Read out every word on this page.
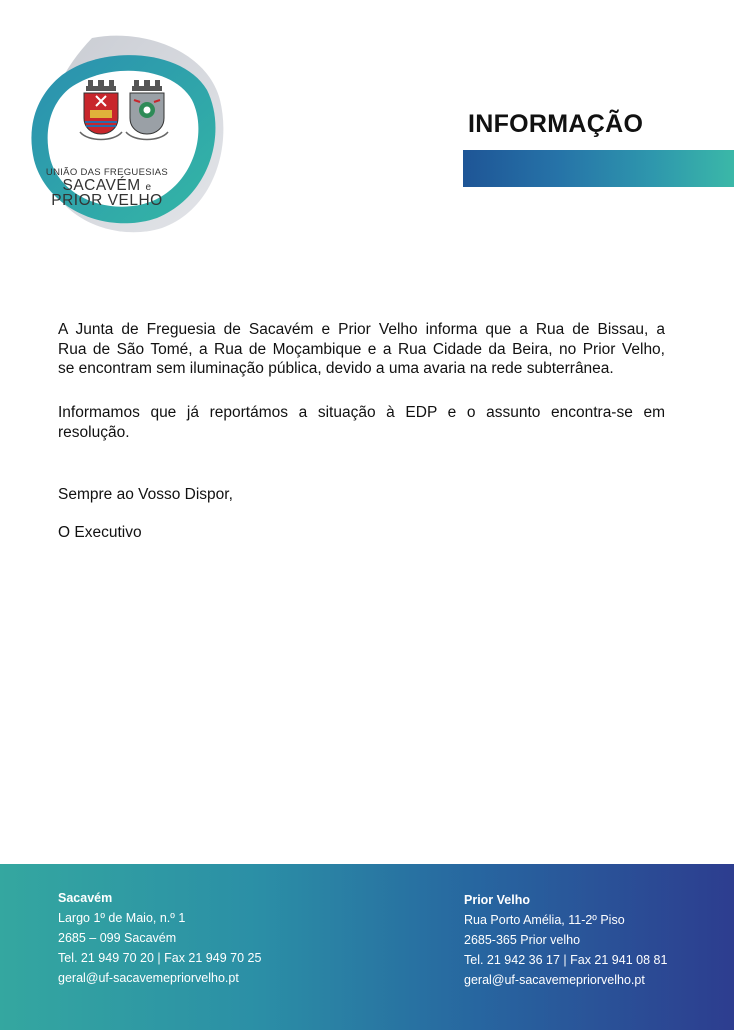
UNIÃO DAS FREGUESIAS
SACAVÉM e
PRIOR VELHO
INFORMAÇÃO

A Junta de Freguesia de Sacavém e Prior Velho informa que a Rua de Bissau, a
Rua de São Tomé, a Rua de Moçambique e a Rua Cidade da Beira, no Prior Velho,
se encontram sem iluminação pública, devido a uma avaria na rede subterrânea.

Informamos que já reportámos a situação à EDP e o assunto encontra-se em resolução.

Sempre ao Vosso Dispor,

O Executivo

Sacavém
Largo 1º de Maio, n.º 1
2685 – 099 Sacavém
Tel. 21 949 70 20 | Fax 21 949 70 25
geral@uf-sacavemepriorvelho.pt
Prior Velho
Rua Porto Amélia, 11-2º Piso
2685-365 Prior velho
Tel. 21 942 36 17 | Fax 21 941 08 81
geral@uf-sacavemepriorvelho.pt
